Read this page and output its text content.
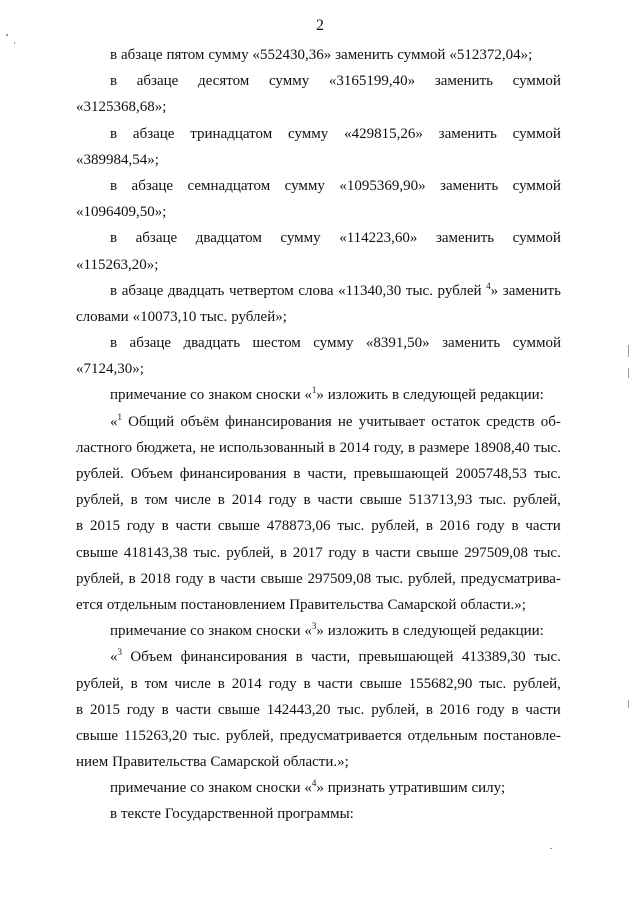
2
в абзаце пятом сумму «552430,36» заменить суммой «512372,04»;
в абзаце десятом сумму «3165199,40» заменить суммой
«3125368,68»;
в абзаце тринадцатом сумму «429815,26» заменить суммой
«389984,54»;
в абзаце семнадцатом сумму «1095369,90» заменить суммой
«1096409,50»;
в абзаце двадцатом сумму «114223,60» заменить суммой
«115263,20»;
в абзаце двадцать четвертом слова «11340,30 тыс. рублей $^4$» заменить
словами «10073,10 тыс. рублей»;
в абзаце двадцать шестом сумму «8391,50» заменить суммой
«7124,30»;
примечание со знаком сноски «$^1$» изложить в следующей редакции:
«$^1$ Общий объём финансирования не учитывает остаток средств об-
ластного бюджета, не использованный в 2014 году, в размере 18908,40 тыс.
рублей. Объем финансирования в части, превышающей 2005748,53 тыс.
рублей, в том числе в 2014 году в части свыше 513713,93 тыс. рублей,
в 2015 году в части свыше 478873,06 тыс. рублей, в 2016 году в части
свыше 418143,38 тыс. рублей, в 2017 году в части свыше 297509,08 тыс.
рублей, в 2018 году в части свыше 297509,08 тыс. рублей, предусматрива-
ется отдельным постановлением Правительства Самарской области.»;
примечание со знаком сноски «$^3$» изложить в следующей редакции:
«$^3$ Объем финансирования в части, превышающей 413389,30 тыс.
рублей, в том числе в 2014 году в части свыше 155682,90 тыс. рублей,
в 2015 году в части свыше 142443,20 тыс. рублей, в 2016 году в части
свыше 115263,20 тыс. рублей, предусматривается отдельным постановле-
нием Правительства Самарской области.»;
примечание со знаком сноски «$^4$» признать утратившим силу;
в тексте Государственной программы:
